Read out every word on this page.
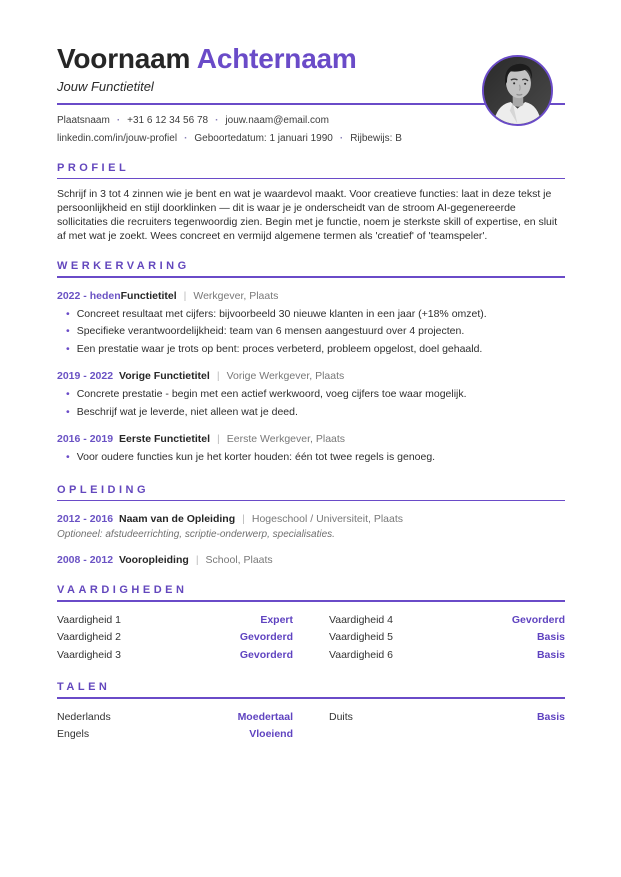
Voornaam Achternaam
Jouw Functietitel
Plaatsnaam · +31 6 12 34 56 78 · jouw.naam@email.com
linkedin.com/in/jouw-profiel · Geboortedatum: 1 januari 1990 · Rijbewijs: B
PROFIEL

Schrijf in 3 tot 4 zinnen wie je bent en wat je waardevol maakt. Voor creatieve functies: laat in deze tekst je persoonlijkheid en stijl doorklinken — dit is waar je je onderscheidt van de stroom AI-gegenereerde sollicitaties die recruiters tegenwoordig zien. Begin met je functie, noem je sterkste skill of expertise, en sluit af met wat je zoekt. Wees concreet en vermijd algemene termen als 'creatief' of 'teamspeler'.

WERKERVARING
2022 - hedenFunctietitel | Werkgever, Plaats
• Concreet resultaat met cijfers: bijvoorbeeld 30 nieuwe klanten in een jaar (+18% omzet).
• Specifieke verantwoordelijkheid: team van 6 mensen aangestuurd over 4 projecten.
• Een prestatie waar je trots op bent: proces verbeterd, probleem opgelost, doel gehaald.
2019 - 2022 Vorige Functietitel | Vorige Werkgever, Plaats
• Concrete prestatie - begin met een actief werkwoord, voeg cijfers toe waar mogelijk.
• Beschrijf wat je leverde, niet alleen wat je deed.
2016 - 2019 Eerste Functietitel | Eerste Werkgever, Plaats
• Voor oudere functies kun je het korter houden: één tot twee regels is genoeg.
OPLEIDING
2012 - 2016 Naam van de Opleiding | Hogeschool / Universiteit, Plaats
Optioneel: afstudeerrichting, scriptie-onderwerp, specialisaties.
2008 - 2012 Vooropleiding | School, Plaats
VAARDIGHEDEN
Vaardigheid 1	Expert
Vaardigheid 2	Gevorderd
Vaardigheid 3	Gevorderd
Vaardigheid 4	Gevorderd
Vaardigheid 5	Basis
Vaardigheid 6	Basis
TALEN
Nederlands	Moedertaal
Engels	Vloeiend
Duits	Basis
